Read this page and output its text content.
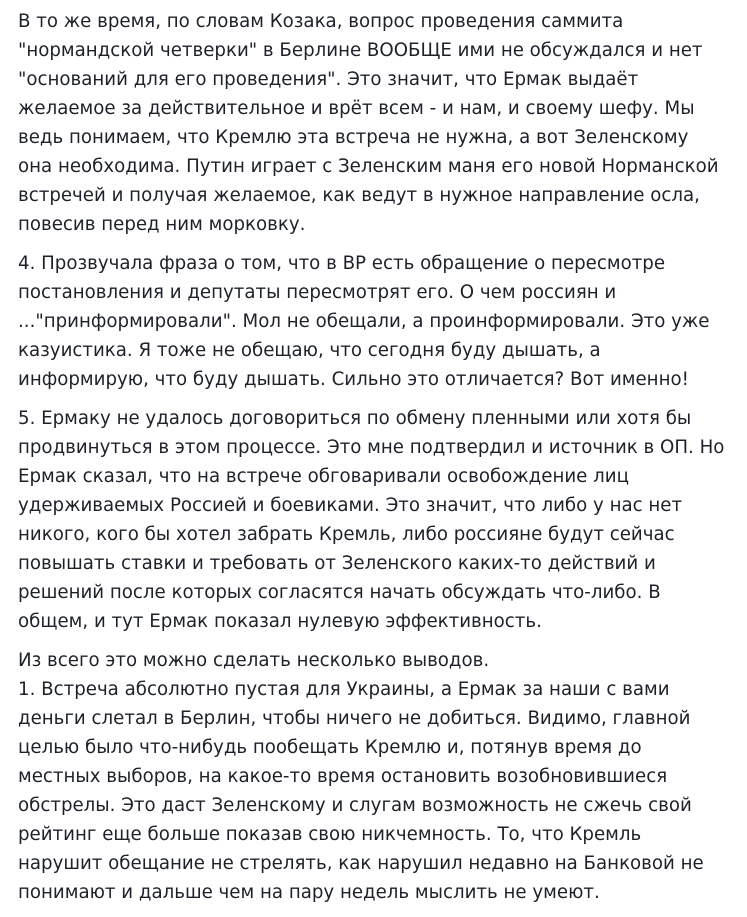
В то же время, по словам Козака, вопрос проведения саммита
"нормандской четверки" в Берлине ВООБЩЕ ими не обсуждался и нет
"оснований для его проведения". Это значит, что Ермак выдаёт
желаемое за действительное и врёт всем - и нам, и своему шефу. Мы
ведь понимаем, что Кремлю эта встреча не нужна, а вот Зеленскому
она необходима. Путин играет с Зеленским маня его новой Норманской
встречей и получая желаемое, как ведут в нужное направление осла,
повесив перед ним морковку.
4. Прозвучала фраза о том, что в ВР есть обращение о пересмотре
постановления и депутаты пересмотрят его. О чем россиян и
..."принформировали". Мол не обещали, а проинформировали. Это уже
казуистика. Я тоже не обещаю, что сегодня буду дышать, а
информирую, что буду дышать. Сильно это отличается? Вот именно!
5. Ермаку не удалось договориться по обмену пленными или хотя бы
продвинуться в этом процессе. Это мне подтвердил и источник в ОП. Но
Ермак сказал, что на встрече обговаривали освобождение лиц
удерживаемых Россией и боевиками. Это значит, что либо у нас нет
никого, кого бы хотел забрать Кремль, либо россияне будут сейчас
повышать ставки и требовать от Зеленского каких-то действий и
решений после которых согласятся начать обсуждать что-либо. В
общем, и тут Ермак показал нулевую эффективность.
Из всего это можно сделать несколько выводов.
1. Встреча абсолютно пустая для Украины, а Ермак за наши с вами
деньги слетал в Берлин, чтобы ничего не добиться. Видимо, главной
целью было что-нибудь пообещать Кремлю и, потянув время до
местных выборов, на какое-то время остановить возобновившиеся
обстрелы. Это даст Зеленскому и слугам возможность не сжечь свой
рейтинг еще больше показав свою никчемность. То, что Кремль
нарушит обещание не стрелять, как нарушил недавно на Банковой не
понимают и дальше чем на пару недель мыслить не умеют.
